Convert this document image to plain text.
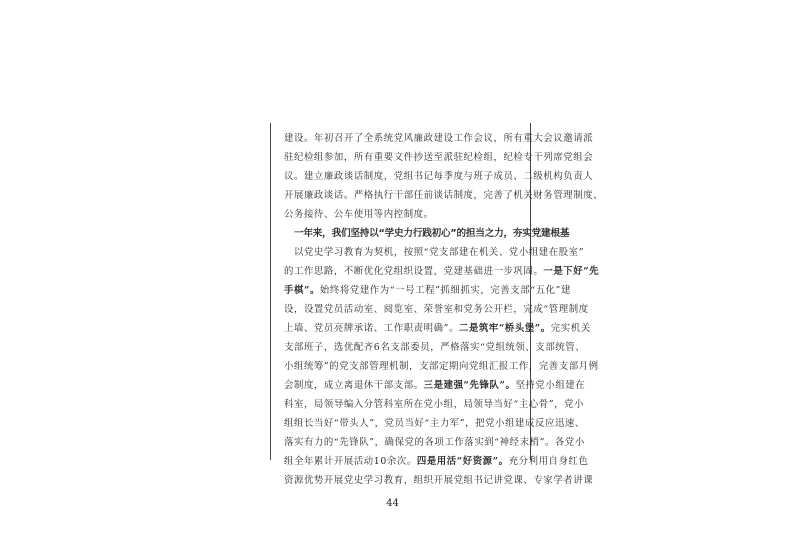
建设。年初召开了全系统党风廉政建设工作会议，所有重大会议邀请派
驻纪检组参加，所有重要文件抄送至派驻纪检组，纪检专干列席党组会
议。建立廉政谈话制度，党组书记每季度与班子成员、二级机构负责人
开展廉政谈话。严格执行干部任前谈话制度，完善了机关财务管理制度、
公务接待、公车使用等内控制度。
一年来，我们坚持以“学史力行践初心”的担当之力，夯实党建根基
以党史学习教育为契机，按照“党支部建在机关、党小组建在股室”
的工作思路，不断优化党组织设置，党建基础进一步巩固。一是下好“先
手棋”。始终将党建作为“一号工程”抓细抓实，完善支部“五化”建
设，设置党员活动室、阅览室、荣誉室和党务公开栏，完成“管理制度
上墙、党员亮牌承诺、工作职责明确”。二是筑牢“桥头堡”。完实机关
支部班子，选优配齐6名支部委员，严格落实“党组统领、支部统管、
小组统筹”的党支部管理机制，支部定期向党组汇报工作，完善支部月例
会制度，成立离退休干部支部。三是建强“先锋队”。坚持党小组建在
科室，局领导编入分管科室所在党小组，局领导当好“主心骨”，党小
组组长当好“带头人”，党员当好“主力军”，把党小组建成反应迅速、
落实有力的“先锋队”，确保党的各项工作落实到“神经末梢”。各党小
组全年累计开展活动10余次。四是用活“好资源”。充分利用自身红色
资源优势开展党史学习教育，组织开展党组书记讲党课、专家学者讲课
44
